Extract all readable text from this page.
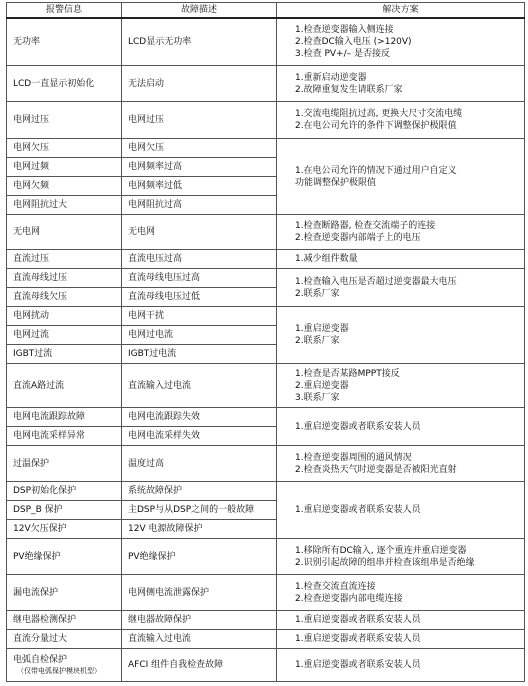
报警信息	故障描述	解决方案

无功率	LCD显示无功率	1.检查逆变器输入侧连接
2.检查DC输入电压 (>120V)
3.检查 PV+/– 是否接反

LCD一直显示初始化	无法启动	1.重新启动逆变器
2.故障重复发生请联系厂家

电网过压	电网过压	1.交流电缆阻抗过高, 更换大尺寸交流电缆
2.在电公司允许的条件下调整保护极限值

电网欠压	电网欠压	1.在电公司允许的情况下通过用户自定义
功能调整保护极限值

电网过频	电网频率过高	

电网欠频	电网频率过低	

电网阻抗过大	电网阻抗过高	

无电网	无电网	1.检查断路器, 检查交流端子的连接
2.检查逆变器内部端子上的电压

直流过压	直流电压过高	1.减少组件数量

直流母线过压	直流母线电压过高	1.检查输入电压是否超过逆变器最大电压
2.联系厂家

直流母线欠压	直流母线电压过低	

电网扰动	电网干扰	1.重启逆变器
2.联系厂家

电网过流	电网过电流	

IGBT过流	IGBT过电流	

直流A路过流	直流输入过电流	1.检查是否某路MPPT接反
2.重启逆变器
3.联系厂家

电网电流跟踪故障	电网电流跟踪失效	1.重启逆变器或者联系安装人员

电网电流采样异常	电网电流采样失效	

过温保护	温度过高	1.检查逆变器周围的通风情况
2.检查炎热天气时逆变器是否被阳光直射

DSP初始化保护	系统故障保护	1.重启逆变器或者联系安装人员

DSP_B 保护	主DSP与从DSP之间的一般故障	

12V欠压保护	12V 电源故障保护	

PV绝缘保护	PV绝缘保护	1.移除所有DC输入, 逐个重连并重启逆变器
2.识别引起故障的组串并检查该组串是否绝缘

漏电流保护	电网侧电流泄露保护	1.检查交流直流连接
2.检查逆变器内部电缆连接

继电器检测保护	继电器故障保护	1.重启逆变器或者联系安装人员

直流分量过大	直流输入过电流	1.重启逆变器或者联系安装人员

电弧自检保护
（仅带电弧保护模块机型）	AFCI 组件自我检查故障	1.重启逆变器或者联系安装人员
